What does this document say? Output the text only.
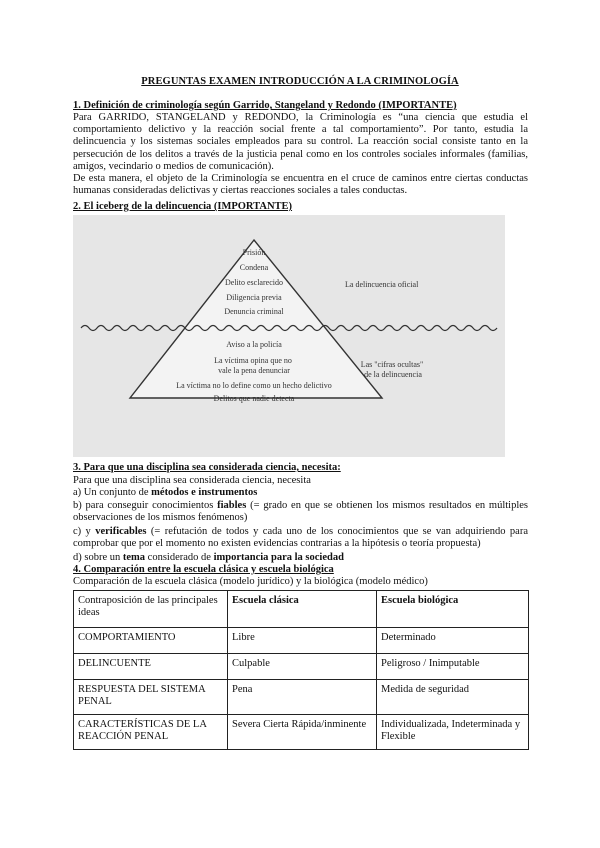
PREGUNTAS EXAMEN INTRODUCCIÓN A LA CRIMINOLOGÍA
1. Definición de criminología según Garrido, Stangeland y Redondo (IMPORTANTE)
Para GARRIDO, STANGELAND y REDONDO, la Criminología es “una ciencia que estudia el comportamiento delictivo y la reacción social frente a tal comportamiento”. Por tanto, estudia la delincuencia y los sistemas sociales empleados para su control. La reacción social consiste tanto en la persecución de los delitos a través de la justicia penal como en los controles sociales informales (familias, amigos, vecindario o medios de comunicación).
De esta manera, el objeto de la Criminología se encuentra en el cruce de caminos entre ciertas conductas humanas consideradas delictivas y ciertas reacciones sociales a tales conductas.
2. El iceberg de la delincuencia (IMPORTANTE)
Prisión
Condena
Delito esclarecido
Diligencia previa
Denuncia criminal
Aviso a la policía
La víctima opina que no vale la pena denunciar
La víctima no lo define como un hecho delictivo
Delitos que nadie detecta
La delincuencia oficial
Las "cifras ocultas" de la delincuencia
3. Para que una disciplina sea considerada ciencia, necesita:
Para que una disciplina sea considerada ciencia, necesita
a) Un conjunto de métodos e instrumentos
b) para conseguir conocimientos fiables (= grado en que se obtienen los mismos resultados en múltiples observaciones de los mismos fenómenos)
c) y verificables (= refutación de todos y cada uno de los conocimientos que se van adquiriendo para comprobar que por el momento no existen evidencias contrarias a la hipótesis o teoría propuesta)
d) sobre un tema considerado de importancia para la sociedad
4. Comparación entre la escuela clásica y escuela biológica
Comparación de la escuela clásica (modelo jurídico) y la biológica (modelo médico)
Contraposición de las principales ideas	Escuela clásica	Escuela biológica
COMPORTAMIENTO	Libre	Determinado
DELINCUENTE	Culpable	Peligroso / Inimputable
RESPUESTA DEL SISTEMA PENAL	Pena	Medida de seguridad
CARACTERÍSTICAS DE LA REACCIÓN PENAL	Severa Cierta Rápida/inminente	Individualizada, Indeterminada y Flexible
